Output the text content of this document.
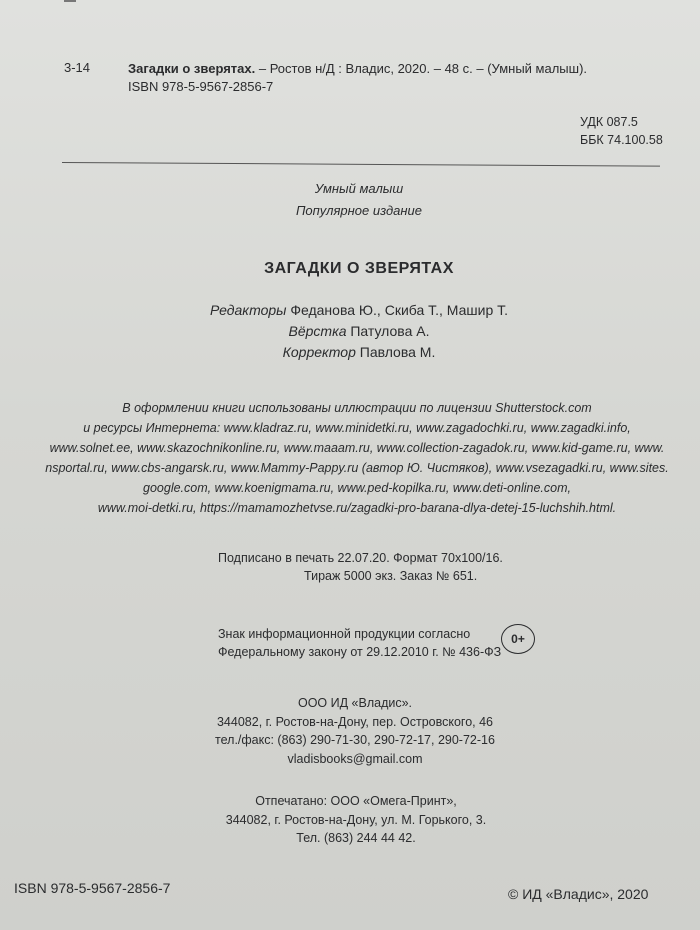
3-14	Загадки о зверятах. – Ростов н/Д : Владис, 2020. – 48 с. – (Умный малыш).
ISBN 978-5-9567-2856-7
УДК 087.5
ББК 74.100.58
Умный малыш
Популярное издание
ЗАГАДКИ О ЗВЕРЯТАХ
Редакторы Феданова Ю., Скиба Т., Машир Т.
Вёрстка Патулова А.
Корректор Павлова М.
В оформлении книги использованы иллюстрации по лицензии Shutterstock.com
и ресурсы Интернета: www.kladraz.ru, www.minidetki.ru, www.zagadochki.ru, www.zagadki.info,
www.solnet.ee, www.skazochnikonline.ru, www.maaam.ru, www.collection-zagadok.ru, www.kid-game.ru, www.
nsportal.ru, www.cbs-angarsk.ru, www.Mammy-Pappy.ru (автор Ю. Чистяков), www.vsezagadki.ru, www.sites.
google.com, www.koenigmama.ru, www.ped-kopilka.ru, www.deti-online.com,
www.moi-detki.ru, https://mamamozhetvse.ru/zagadki-pro-barana-dlya-detej-15-luchshih.html.
Подписано в печать 22.07.20. Формат 70x100/16.
Тираж 5000 экз. Заказ № 651.
Знак информационной продукции согласно
Федеральному закону от 29.12.2010 г. № 436-ФЗ
0+
ООО ИД «Владис».
344082, г. Ростов-на-Дону, пер. Островского, 46
тел./факс: (863) 290-71-30, 290-72-17, 290-72-16
vladisbooks@gmail.com
Отпечатано: ООО «Омега-Принт»,
344082, г. Ростов-на-Дону, ул. М. Горького, 3.
Тел. (863) 244 44 42.
ISBN 978-5-9567-2856-7	© ИД «Владис», 2020
